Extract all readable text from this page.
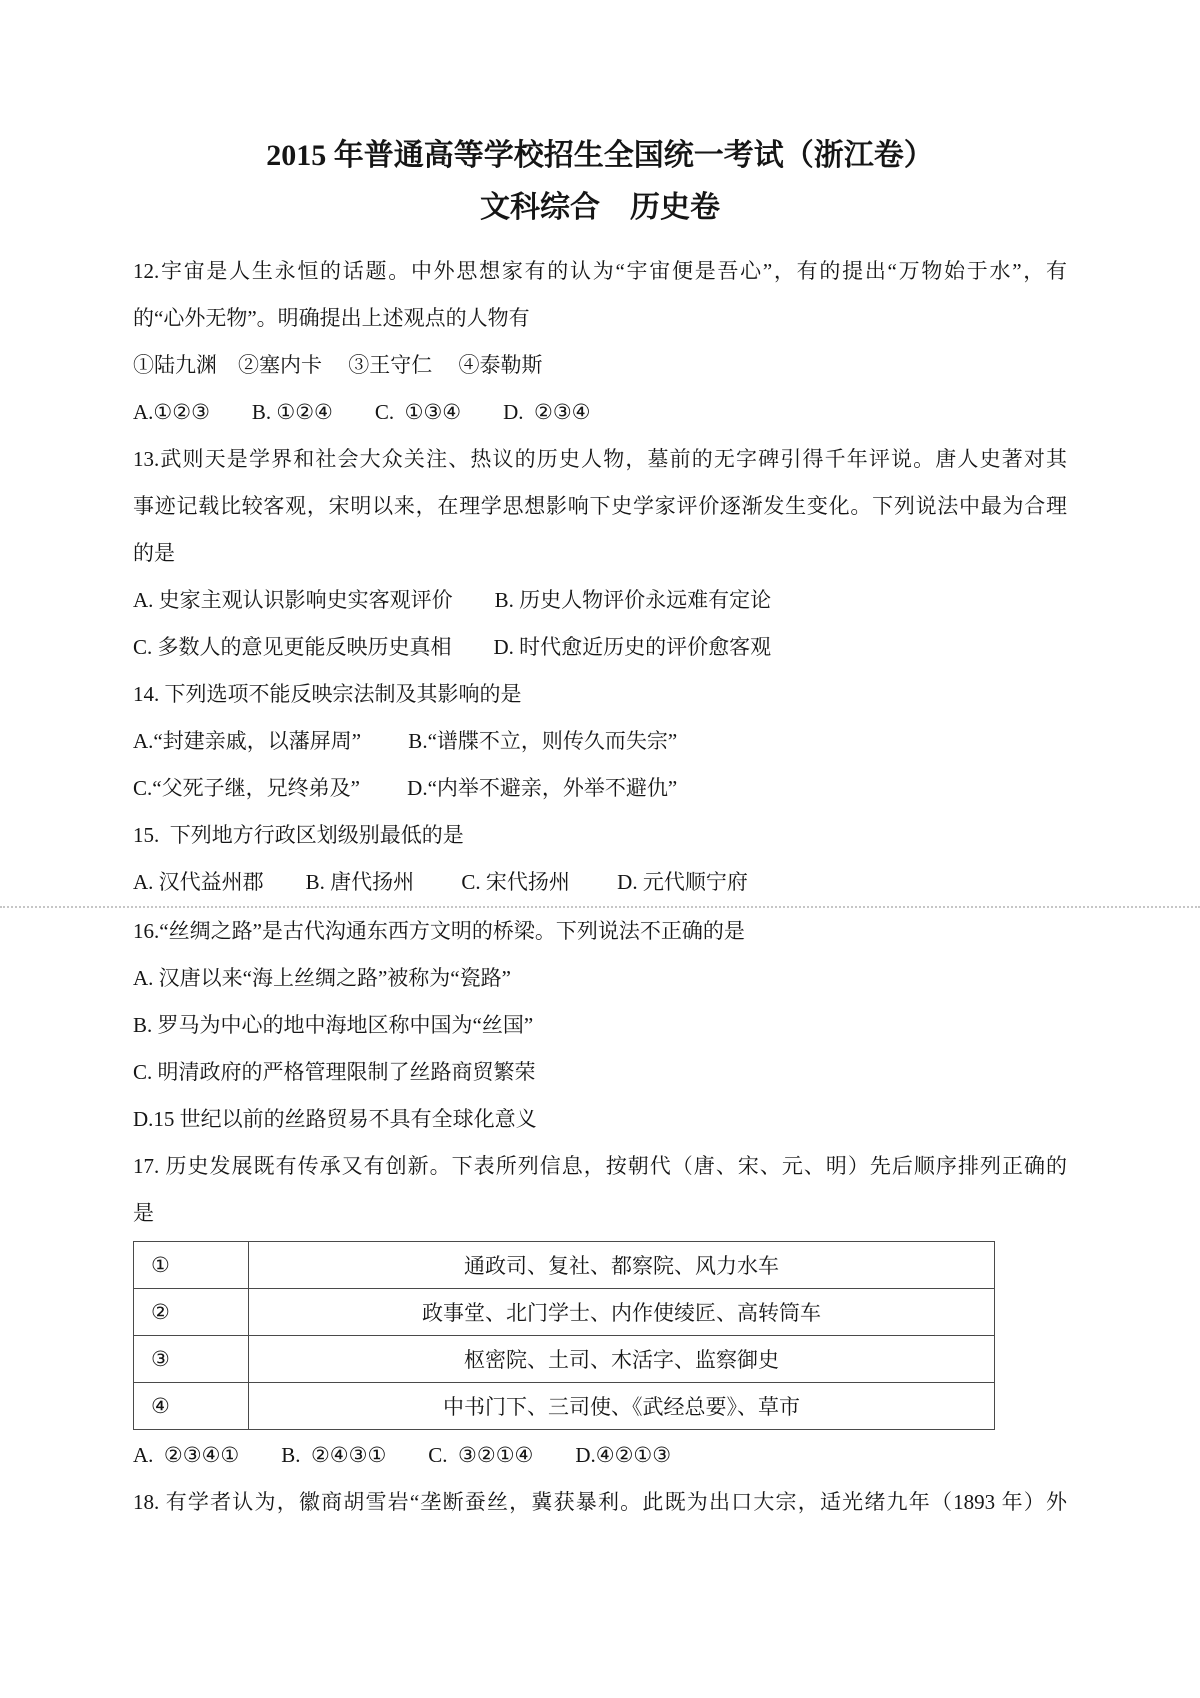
2015 年普通高等学校招生全国统一考试（浙江卷）
文科综合　历史卷
12.宇宙是人生永恒的话题。中外思想家有的认为“宇宙便是吾心”，有的提出“万物始于水”，有
的“心外无物”。明确提出上述观点的人物有
①陆九渊　②塞内卡　 ③王守仁　 ④泰勒斯
A.①②③　　B. ①②④　　C.  ①③④　　D.  ②③④
13.武则天是学界和社会大众关注、热议的历史人物，墓前的无字碑引得千年评说。唐人史著对其
事迹记载比较客观，宋明以来，在理学思想影响下史学家评价逐渐发生变化。下列说法中最为合理
的是
A. 史家主观认识影响史实客观评价　　B. 历史人物评价永远难有定论
C. 多数人的意见更能反映历史真相　　D. 时代愈近历史的评价愈客观
14. 下列选项不能反映宗法制及其影响的是
A.“封建亲戚，以藩屏周”　　 B.“谱牒不立，则传久而失宗”
C.“父死子继，兄终弟及”　　 D.“内举不避亲，外举不避仇”
15.  下列地方行政区划级别最低的是
A. 汉代益州郡　　B. 唐代扬州　　 C. 宋代扬州　　 D. 元代顺宁府
16.“丝绸之路”是古代沟通东西方文明的桥梁。下列说法不正确的是
A. 汉唐以来“海上丝绸之路”被称为“瓷路”
B. 罗马为中心的地中海地区称中国为“丝国”
C. 明清政府的严格管理限制了丝路商贸繁荣
D.15 世纪以前的丝路贸易不具有全球化意义
17. 历史发展既有传承又有创新。下表所列信息，按朝代（唐、宋、元、明）先后顺序排列正确的
是
①	通政司、复社、都察院、风力水车
②	政事堂、北门学士、内作使绫匠、高转筒车
③	枢密院、土司、木活字、监察御史
④	中书门下、三司使、《武经总要》、草市
A.  ②③④①　　B.  ②④③①　　C.  ③②①④　　D.④②①③
18. 有学者认为，徽商胡雪岩“垄断蚕丝，冀获暴利。此既为出口大宗，适光绪九年（1893 年）外
